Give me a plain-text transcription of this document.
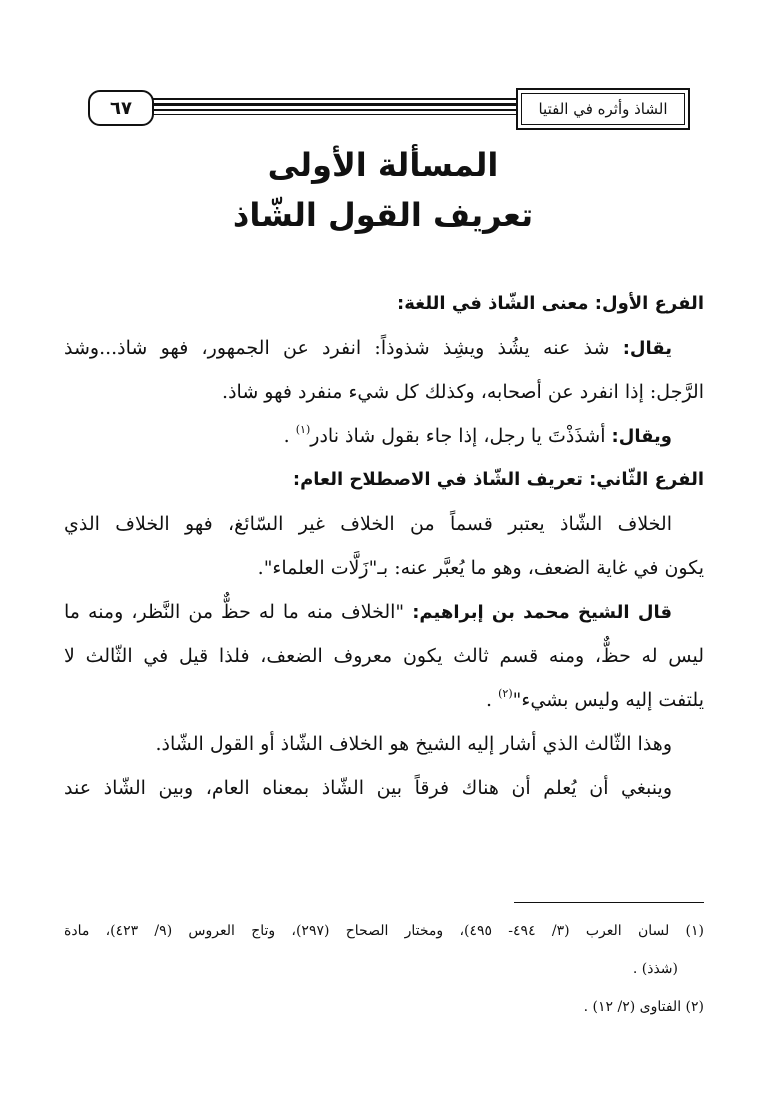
الشاذ وأثره في الفتيا
٦٧
المسألة الأولى
تعريف القول الشّاذ
الفرع الأول: معنى الشّاذ في اللغة:
يقال: شذ عنه يشُذ ويشِذ شذوذاً: انفرد عن الجمهور، فهو شاذ...وشذ
الرَّجل: إذا انفرد عن أصحابه، وكذلك كل شيء منفرد فهو شاذ.
ويقال: أشذَذْتَ يا رجل، إذا جاء بقول شاذ نادر$^{(١)}$ .
الفرع الثّاني: تعريف الشّاذ في الاصطلاح العام:
الخلاف الشّاذ يعتبر قسماً من الخلاف غير السّائغ، فهو الخلاف الذي
يكون في غاية الضعف، وهو ما يُعبَّر عنه: بـ"زَلَّات العلماء".
قال الشيخ محمد بن إبراهيم: "الخلاف منه ما له حظٌّ من النَّظر، ومنه ما
ليس له حظٌّ، ومنه قسم ثالث يكون معروف الضعف، فلذا قيل في الثّالث لا
يلتفت إليه وليس بشيء"$^{(٢)}$ .
وهذا الثّالث الذي أشار إليه الشيخ هو الخلاف الشّاذ أو القول الشّاذ.
وينبغي أن يُعلم أن هناك فرقاً بين الشّاذ بمعناه العام، وبين الشّاذ عند
(١) لسان العرب (٣/ ٤٩٤- ٤٩٥)، ومختار الصحاح (٢٩٧)، وتاج العروس (٩/ ٤٢٣)، مادة
(شذذ) .
(٢) الفتاوى (٢/ ١٢) .
